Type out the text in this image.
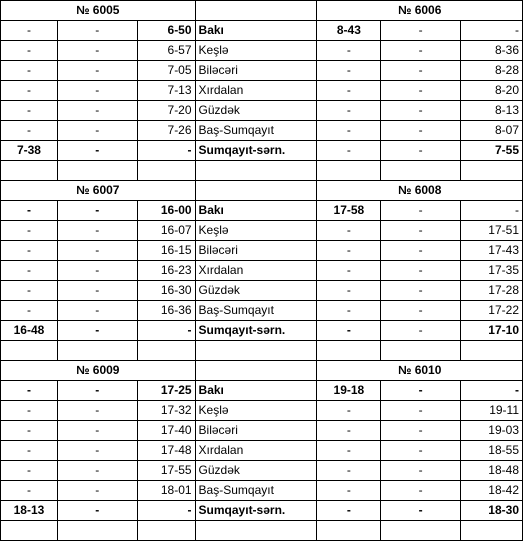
№ 6005				№ 6006		
-	-	6-50	Bakı	8-43	-	-
-	-	6-57	Keşlə	-	-	8-36
-	-	7-05	Biləcəri	-	-	8-28
-	-	7-13	Xırdalan	-	-	8-20
-	-	7-20	Güzdək	-	-	8-13
-	-	7-26	Baş-Sumqayıt	-	-	8-07
7-38	-	-	Sumqayıt-sərn.	-	-	7-55

№ 6007				№ 6008		
-	-	16-00	Bakı	17-58	-	-
-	-	16-07	Keşlə	-	-	17-51
-	-	16-15	Biləcəri	-	-	17-43
-	-	16-23	Xırdalan	-	-	17-35
-	-	16-30	Güzdək	-	-	17-28
-	-	16-36	Baş-Sumqayıt	-	-	17-22
16-48	-	-	Sumqayıt-sərn.	-	-	17-10

№ 6009				№ 6010		
-	-	17-25	Bakı	19-18	-	-
-	-	17-32	Keşlə	-	-	19-11
-	-	17-40	Biləcəri	-	-	19-03
-	-	17-48	Xırdalan	-	-	18-55
-	-	17-55	Güzdək	-	-	18-48
-	-	18-01	Baş-Sumqayıt	-	-	18-42
18-13	-	-	Sumqayıt-sərn.	-	-	18-30
